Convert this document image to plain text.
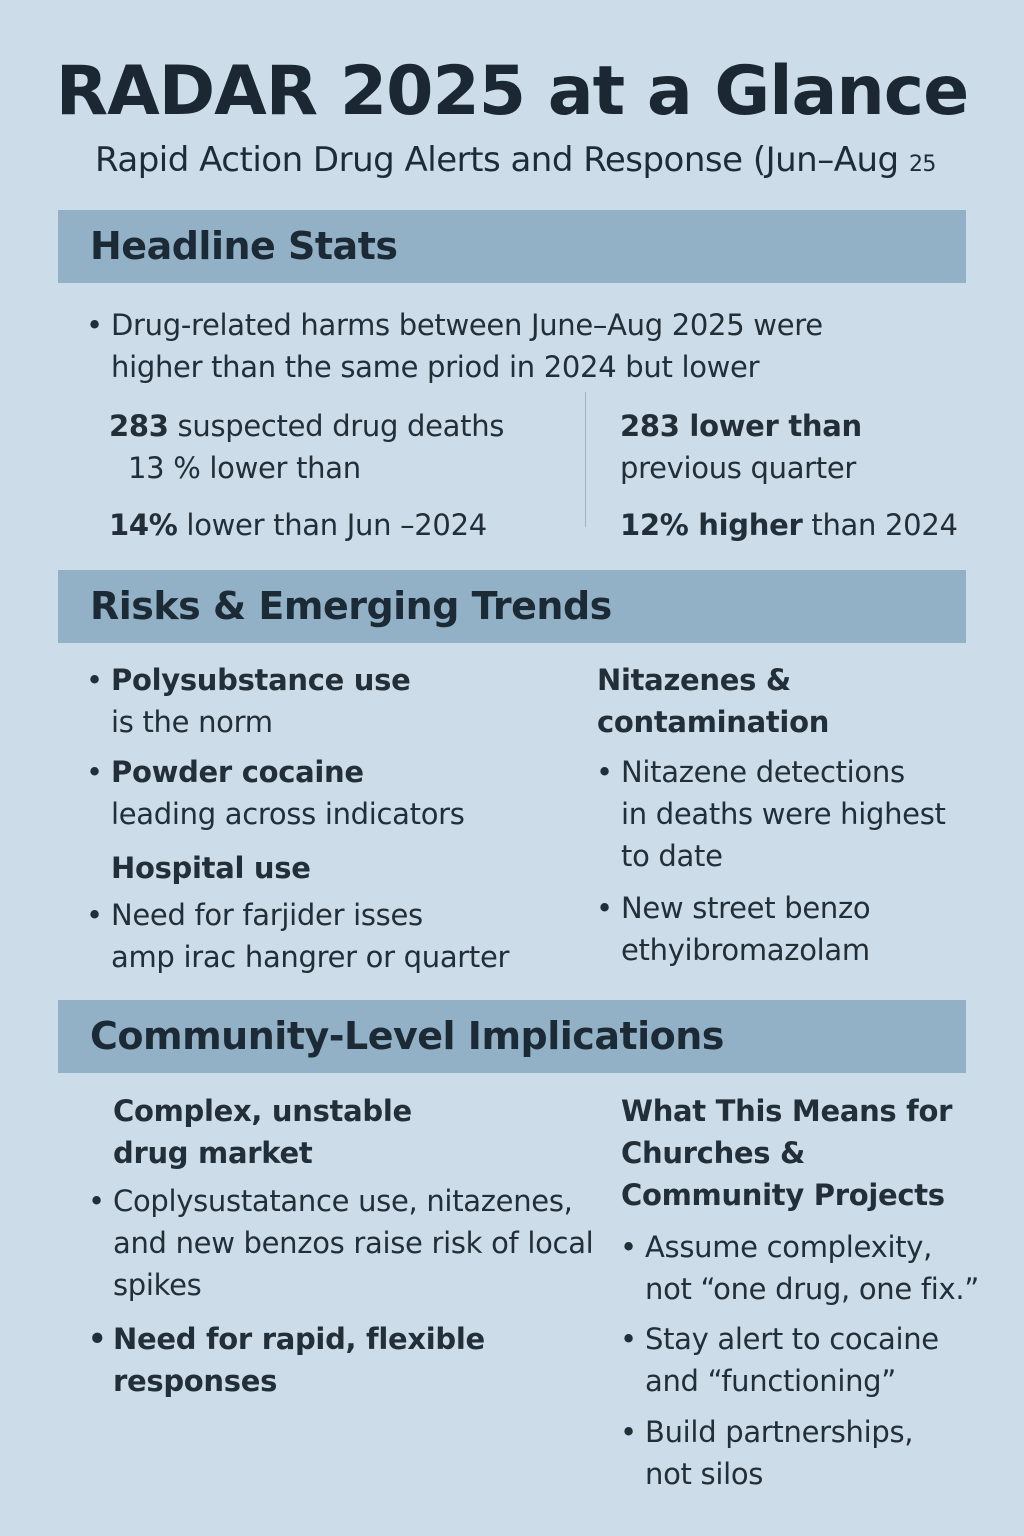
RADAR 2025 at a Glance
Rapid Action Drug Alerts and Response (Jun–Aug 25
Headline Stats
• Drug-related harms between June–Aug 2025 were
higher than the same priod in 2024 but lower
283 suspected drug deaths
13 % lower than
14% lower than Jun –2024
283 lower than
previous quarter
12% higher than 2024
Risks & Emerging Trends
• Polysubstance use
is the norm
• Powder cocaine
leading across indicators
Hospital use
• Need for farjider isses
amp irac hangrer or quarter
Nitazenes &
contamination
• Nitazene detections
in deaths were highest
to date
• New street benzo
ethyibromazolam
Community-Level Implications
Complex, unstable
drug market
• Coplysustatance use, nitazenes,
and new benzos raise risk of local
spikes
• Need for rapid, flexible
responses
What This Means for
Churches &
Community Projects
• Assume complexity,
not “one drug, one fix.”
• Stay alert to cocaine
and “functioning”
• Build partnerships,
not silos
